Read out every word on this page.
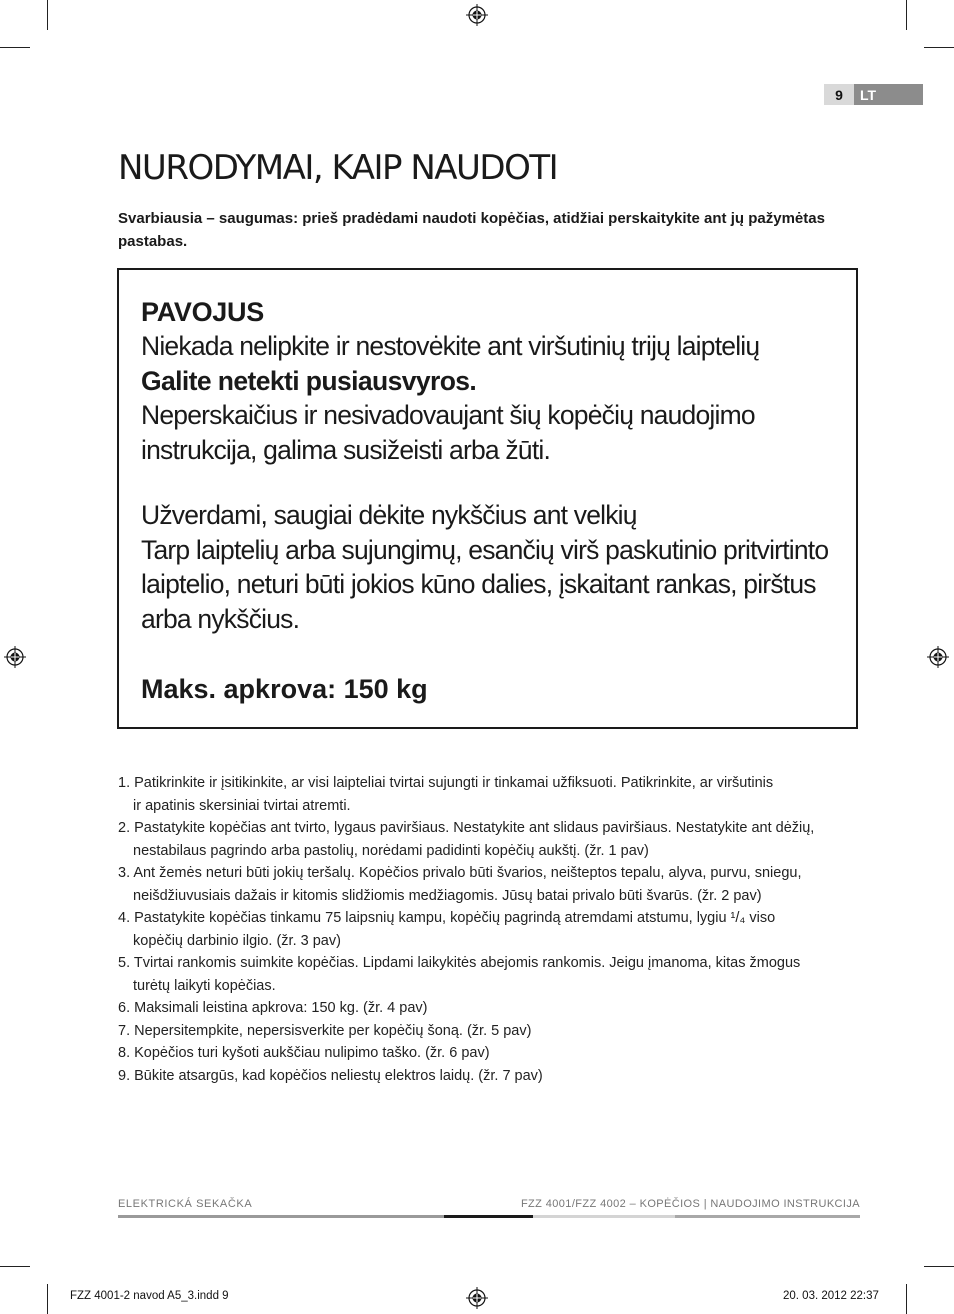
9	LT
NURODYMAI, KAIP NAUDOTI

Svarbiausia – saugumas: prieš pradėdami naudoti kopėčias, atidžiai perskaitykite ant jų pažymėtas pastabas.

PAVOJUS

Niekada nelipkite ir nestovėkite ant viršutinių trijų laiptelių

Galite netekti pusiausvyros.

Neperskaičius ir nesivadovaujant šių kopėčių naudojimo

instrukcija, galima susižeisti arba žūti.

Užverdami, saugiai dėkite nykščius ant velkių

Tarp laiptelių arba sujungimų, esančių virš paskutinio pritvirtinto

laiptelio, neturi būti jokios kūno dalies, įskaitant rankas, pirštus

arba nykščius.

Maks. apkrova: 150 kg

1. Patikrinkite ir įsitikinkite, ar visi laipteliai tvirtai sujungti ir tinkamai užfiksuoti. Patikrinkite, ar viršutinis
ir apatinis skersiniai tvirtai atremti.
2. Pastatykite kopėčias ant tvirto, lygaus paviršiaus. Nestatykite ant slidaus paviršiaus. Nestatykite ant dėžių,
nestabilaus pagrindo arba pastolių, norėdami padidinti kopėčių aukštį. (žr. 1 pav)
3. Ant žemės neturi būti jokių teršalų. Kopėčios privalo būti švarios, neišteptos tepalu, alyva, purvu, sniegu,
neišdžiuvusiais dažais ir kitomis slidžiomis medžiagomis. Jūsų batai privalo būti švarūs. (žr. 2 pav)
4. Pastatykite kopėčias tinkamu 75 laipsnių kampu, kopėčių pagrindą atremdami atstumu, lygiu ¹/₄ viso
kopėčių darbinio ilgio. (žr. 3 pav)
5. Tvirtai rankomis suimkite kopėčias. Lipdami laikykitės abejomis rankomis. Jeigu įmanoma, kitas žmogus
turėtų laikyti kopėčias.
6. Maksimali leistina apkrova: 150 kg. (žr. 4 pav)
7. Nepersitempkite, nepersisverkite per kopėčių šoną. (žr. 5 pav)
8. Kopėčios turi kyšoti aukščiau nulipimo taško. (žr. 6 pav)
9. Būkite atsargūs, kad kopėčios neliestų elektros laidų. (žr. 7 pav)
ELEKTRICKÁ SEKAČKA	FZZ 4001/FZZ 4002 – KOPĖČIOS | NAUDOJIMO INSTRUKCIJA
FZZ 4001-2 navod A5_3.indd 9	20. 03. 2012 22:37
